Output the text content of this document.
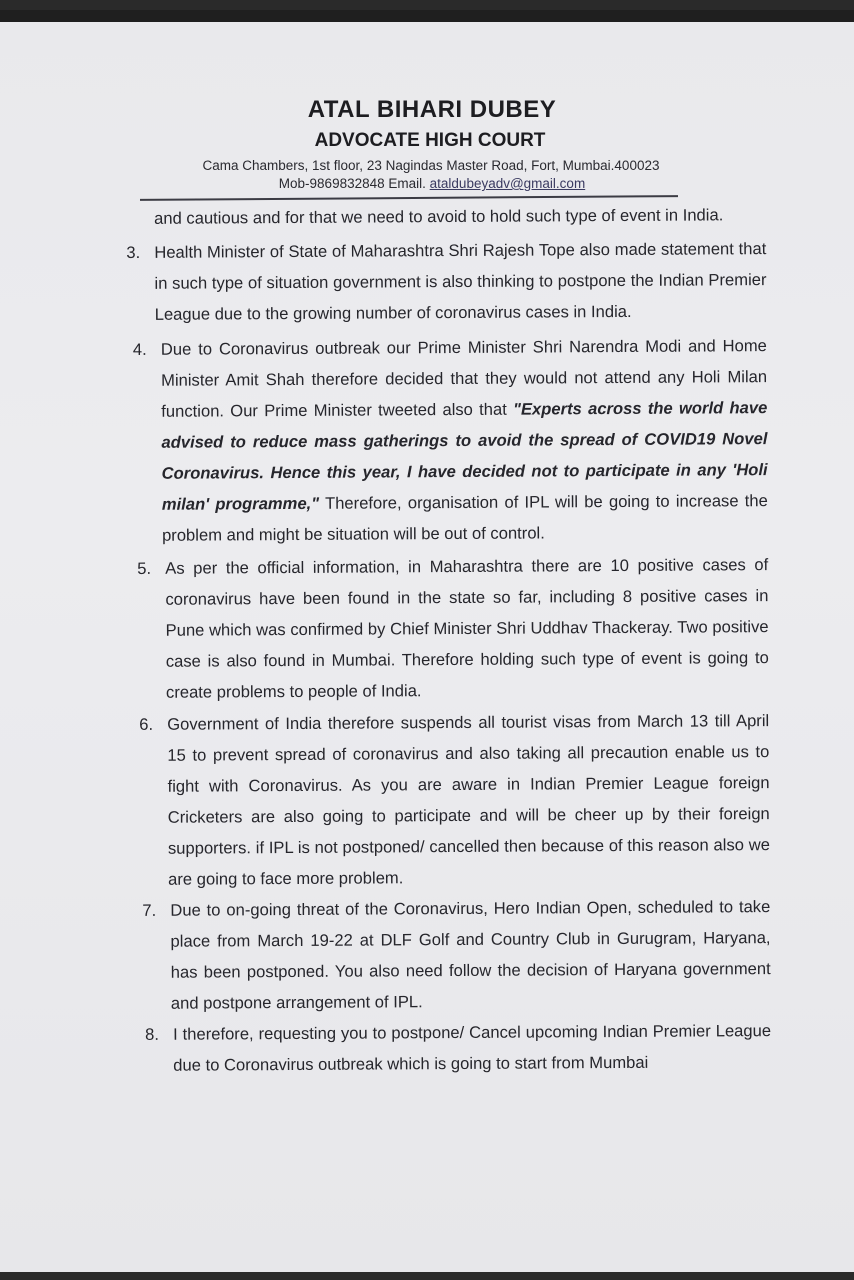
ATAL BIHARI DUBEY
ADVOCATE HIGH COURT
Cama Chambers, 1st floor, 23 Nagindas Master Road, Fort, Mumbai.400023
Mob-9869832848 Email. ataldubeyadv@gmail.com

and cautious and for that we need to avoid to hold such type of event in India.

3. Health Minister of State of Maharashtra Shri Rajesh Tope also made statement that in such type of situation government is also thinking to postpone the Indian Premier League due to the growing number of coronavirus cases in India.
4. Due to Coronavirus outbreak our Prime Minister Shri Narendra Modi and Home Minister Amit Shah therefore decided that they would not attend any Holi Milan function. Our Prime Minister tweeted also that "Experts across the world have advised to reduce mass gatherings to avoid the spread of COVID19 Novel Coronavirus. Hence this year, I have decided not to participate in any 'Holi milan' programme," Therefore, organisation of IPL will be going to increase the problem and might be situation will be out of control.
5. As per the official information, in Maharashtra there are 10 positive cases of coronavirus have been found in the state so far, including 8 positive cases in Pune which was confirmed by Chief Minister Shri Uddhav Thackeray. Two positive case is also found in Mumbai. Therefore holding such type of event is going to create problems to people of India.
6. Government of India therefore suspends all tourist visas from March 13 till April 15 to prevent spread of coronavirus and also taking all precaution enable us to fight with Coronavirus. As you are aware in Indian Premier League foreign Cricketers are also going to participate and will be cheer up by their foreign supporters. if IPL is not postponed/ cancelled then because of this reason also we are going to face more problem.
7. Due to on-going threat of the Coronavirus, Hero Indian Open, scheduled to take place from March 19-22 at DLF Golf and Country Club in Gurugram, Haryana, has been postponed. You also need follow the decision of Haryana government and postpone arrangement of IPL.
8. I therefore, requesting you to postpone/ Cancel upcoming Indian Premier League due to Coronavirus outbreak which is going to start from Mumbai
